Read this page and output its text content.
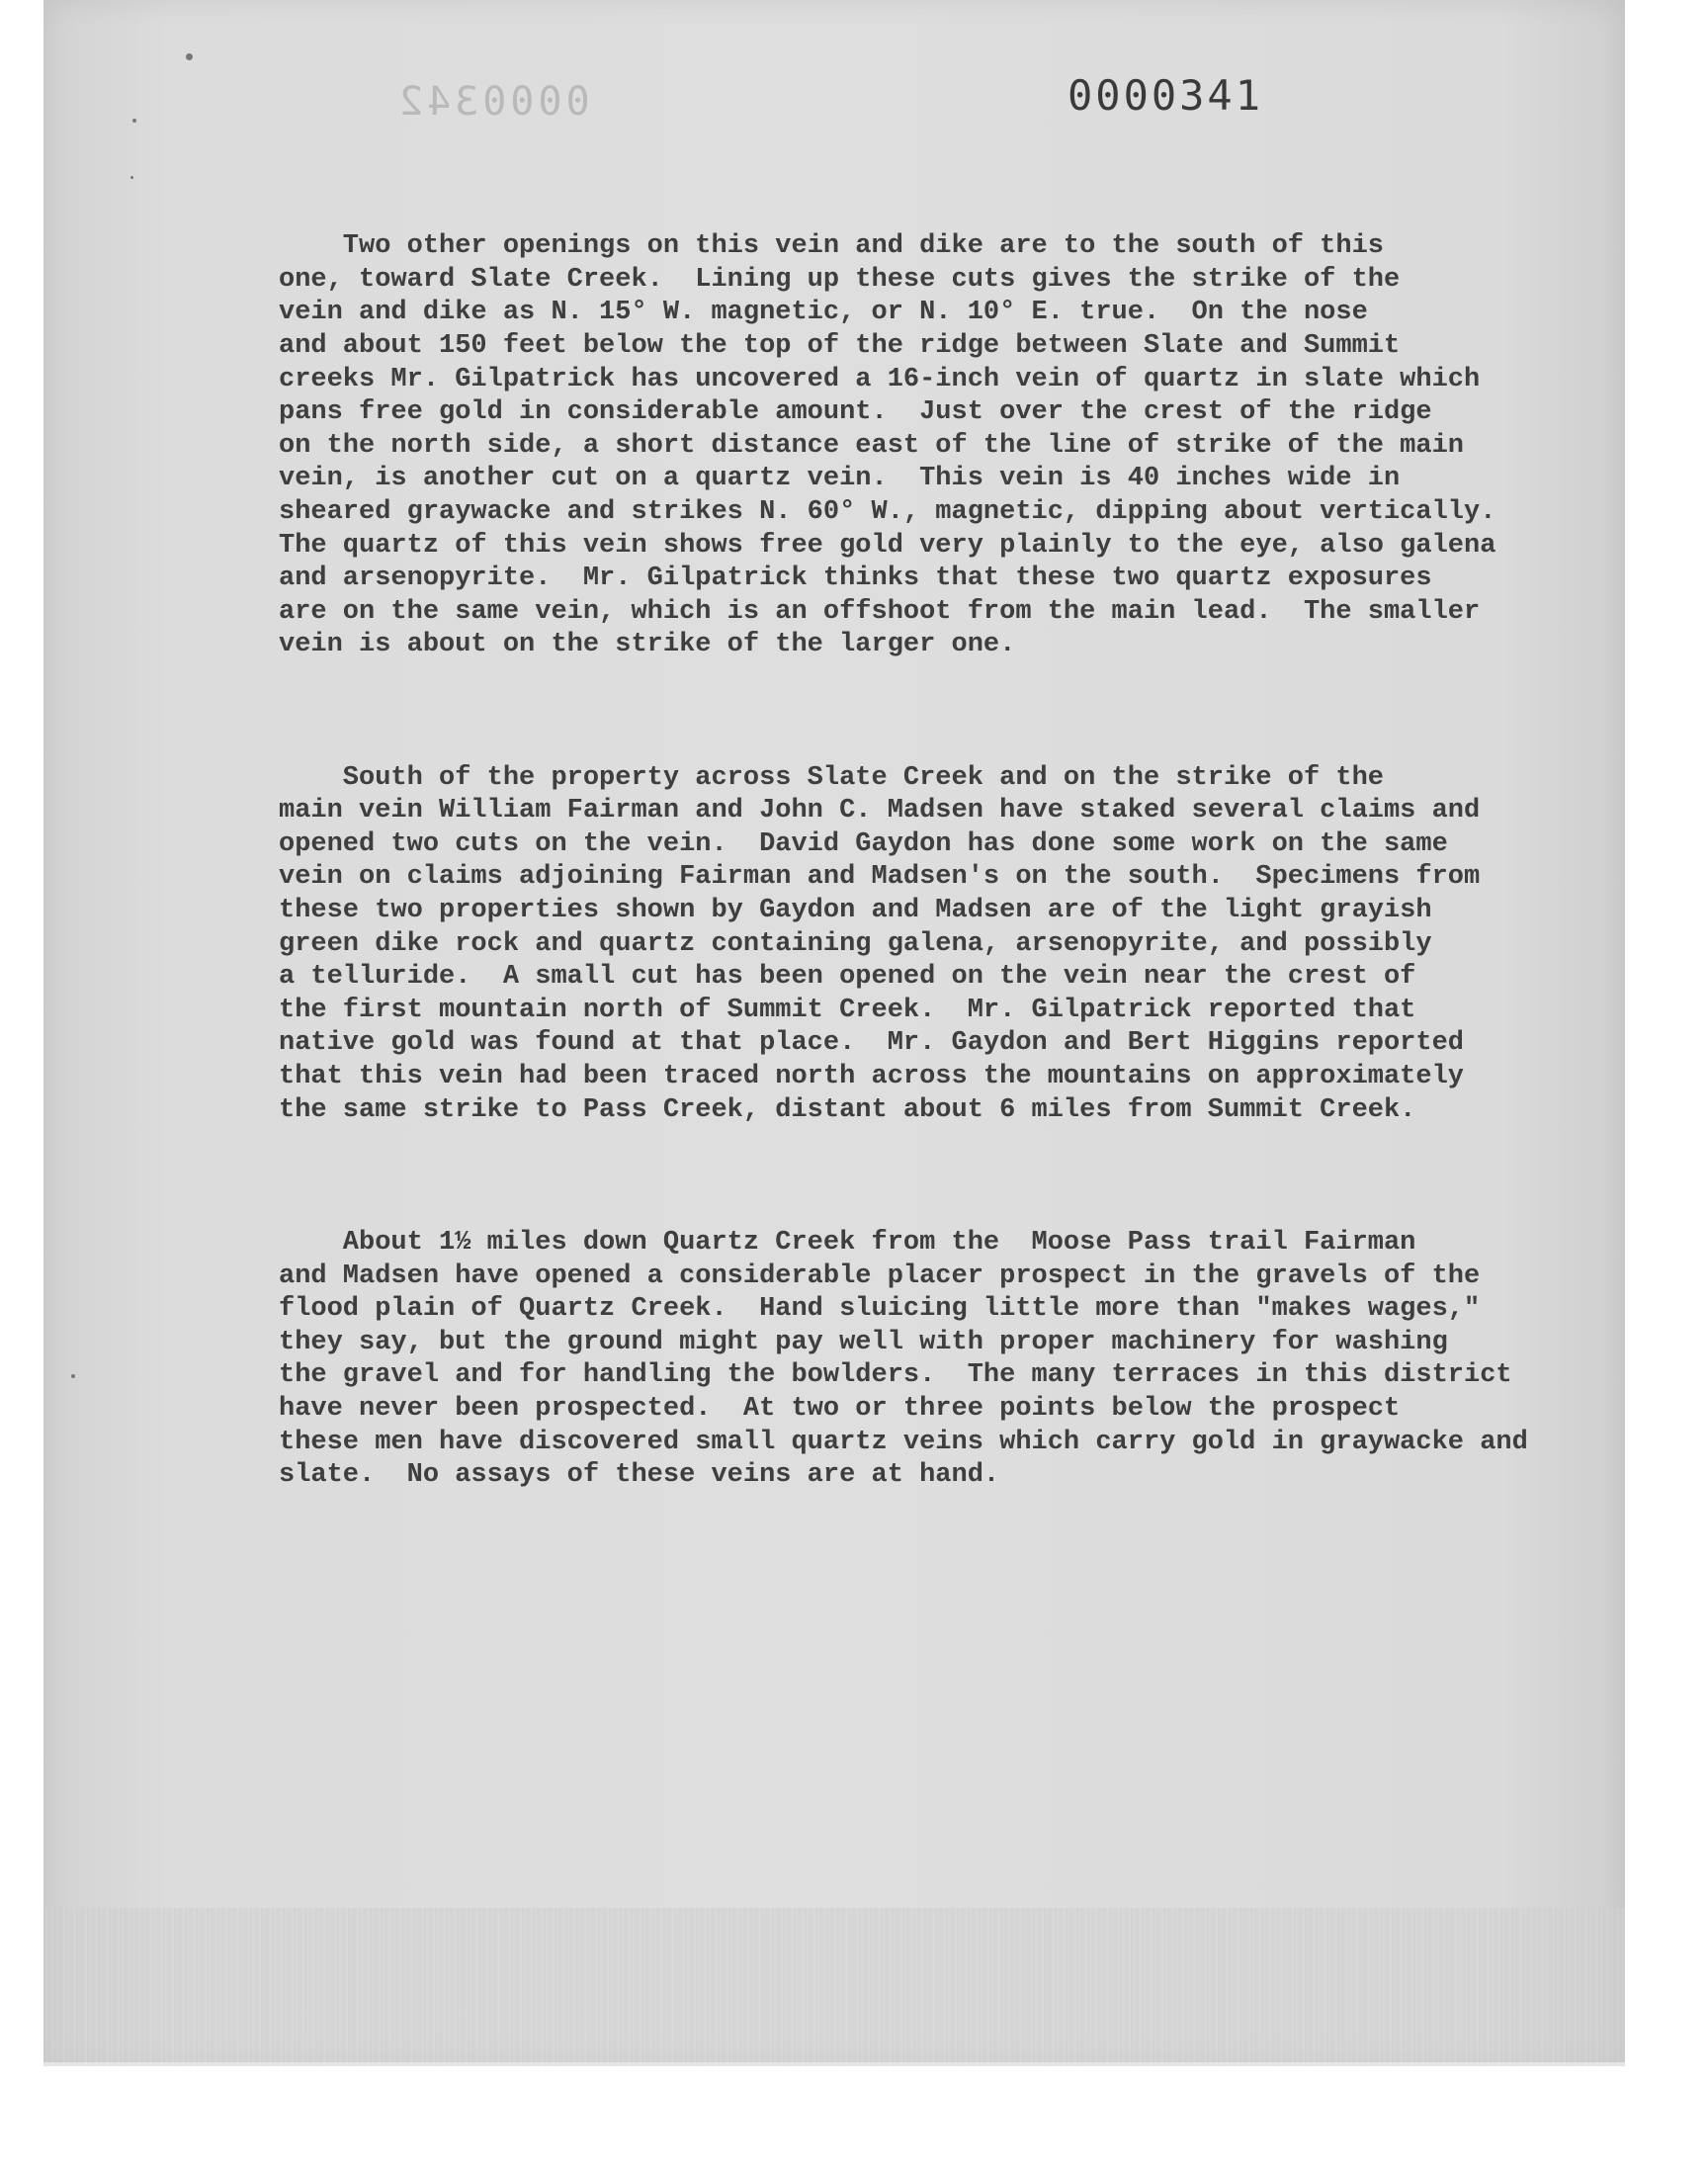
0000342	0000341

Two other openings on this vein and dike are to the south of this
one, toward Slate Creek.  Lining up these cuts gives the strike of the
vein and dike as N. 15° W. magnetic, or N. 10° E. true.  On the nose
and about 150 feet below the top of the ridge between Slate and Summit
creeks Mr. Gilpatrick has uncovered a 16-inch vein of quartz in slate which
pans free gold in considerable amount.  Just over the crest of the ridge
on the north side, a short distance east of the line of strike of the main
vein, is another cut on a quartz vein.  This vein is 40 inches wide in
sheared graywacke and strikes N. 60° W., magnetic, dipping about vertically.
The quartz of this vein shows free gold very plainly to the eye, also galena
and arsenopyrite.  Mr. Gilpatrick thinks that these two quartz exposures
are on the same vein, which is an offshoot from the main lead.  The smaller
vein is about on the strike of the larger one.

South of the property across Slate Creek and on the strike of the
main vein William Fairman and John C. Madsen have staked several claims and
opened two cuts on the vein.  David Gaydon has done some work on the same
vein on claims adjoining Fairman and Madsen's on the south.  Specimens from
these two properties shown by Gaydon and Madsen are of the light grayish
green dike rock and quartz containing galena, arsenopyrite, and possibly
a telluride.  A small cut has been opened on the vein near the crest of
the first mountain north of Summit Creek.  Mr. Gilpatrick reported that
native gold was found at that place.  Mr. Gaydon and Bert Higgins reported
that this vein had been traced north across the mountains on approximately
the same strike to Pass Creek, distant about 6 miles from Summit Creek.

About 1½ miles down Quartz Creek from the  Moose Pass trail Fairman
and Madsen have opened a considerable placer prospect in the gravels of the
flood plain of Quartz Creek.  Hand sluicing little more than "makes wages,"
they say, but the ground might pay well with proper machinery for washing
the gravel and for handling the bowlders.  The many terraces in this district
have never been prospected.  At two or three points below the prospect
these men have discovered small quartz veins which carry gold in graywacke and
slate.  No assays of these veins are at hand.
